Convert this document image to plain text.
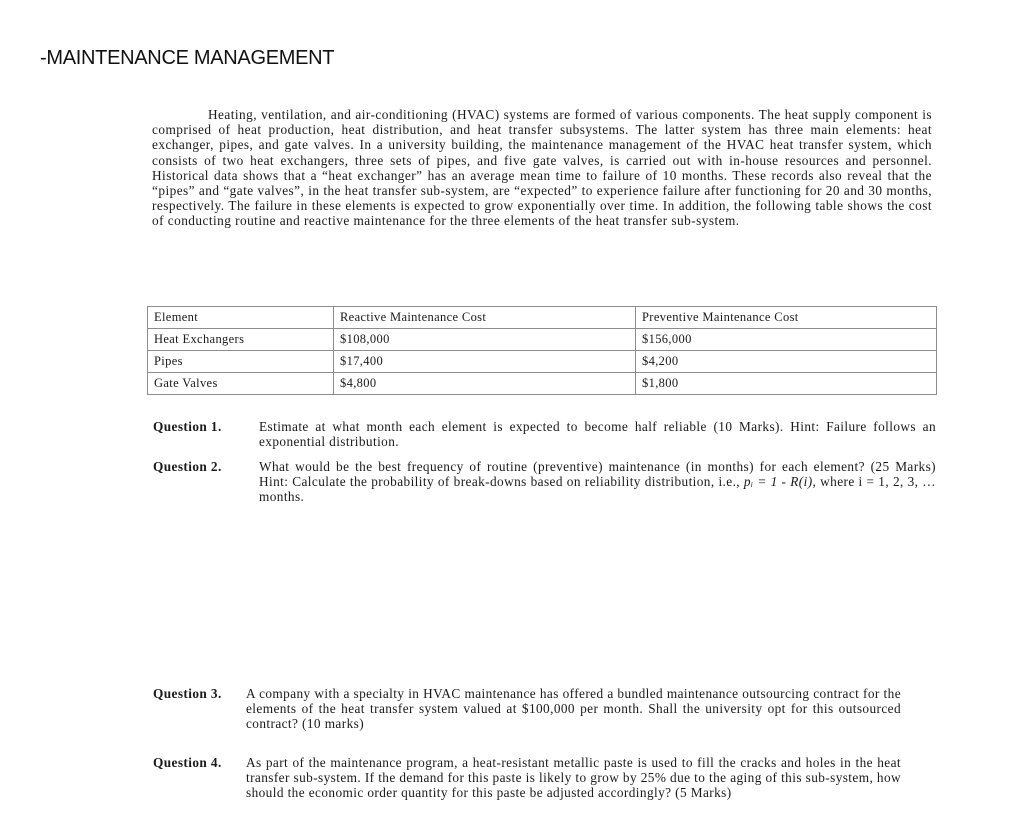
-MAINTENANCE MANAGEMENT

Heating, ventilation, and air-conditioning (HVAC) systems are formed of various components. The heat supply component is comprised of heat production, heat distribution, and heat transfer subsystems. The latter system has three main elements: heat exchanger, pipes, and gate valves. In a university building, the maintenance management of the HVAC heat transfer system, which consists of two heat exchangers, three sets of pipes, and five gate valves, is carried out with in-house resources and personnel. Historical data shows that a “heat exchanger” has an average mean time to failure of 10 months. These records also reveal that the “pipes” and “gate valves”, in the heat transfer sub-system, are “expected” to experience failure after functioning for 20 and 30 months, respectively. The failure in these elements is expected to grow exponentially over time. In addition, the following table shows the cost of conducting routine and reactive maintenance for the three elements of the heat transfer sub-system.

Element	Reactive Maintenance Cost	Preventive Maintenance Cost
Heat Exchangers	$108,000	$156,000
Pipes	$17,400	$4,200
Gate Valves	$4,800	$1,800
Question 1.	Estimate at what month each element is expected to become half reliable (10 Marks). Hint: Failure follows an exponential distribution.

Question 2.	What would be the best frequency of routine (preventive) maintenance (in months) for each element? (25 Marks) Hint: Calculate the probability of break-downs based on reliability distribution, i.e., pᵢ = 1 - R(i), where i = 1, 2, 3, … months.

Question 3. A company with a specialty in HVAC maintenance has offered a bundled maintenance outsourcing contract for the elements of the heat transfer system valued at $100,000 per month. Shall the university opt for this outsourced contract? (10 marks)

Question 4. As part of the maintenance program, a heat-resistant metallic paste is used to fill the cracks and holes in the heat transfer sub-system. If the demand for this paste is likely to grow by 25% due to the aging of this sub-system, how should the economic order quantity for this paste be adjusted accordingly? (5 Marks)
